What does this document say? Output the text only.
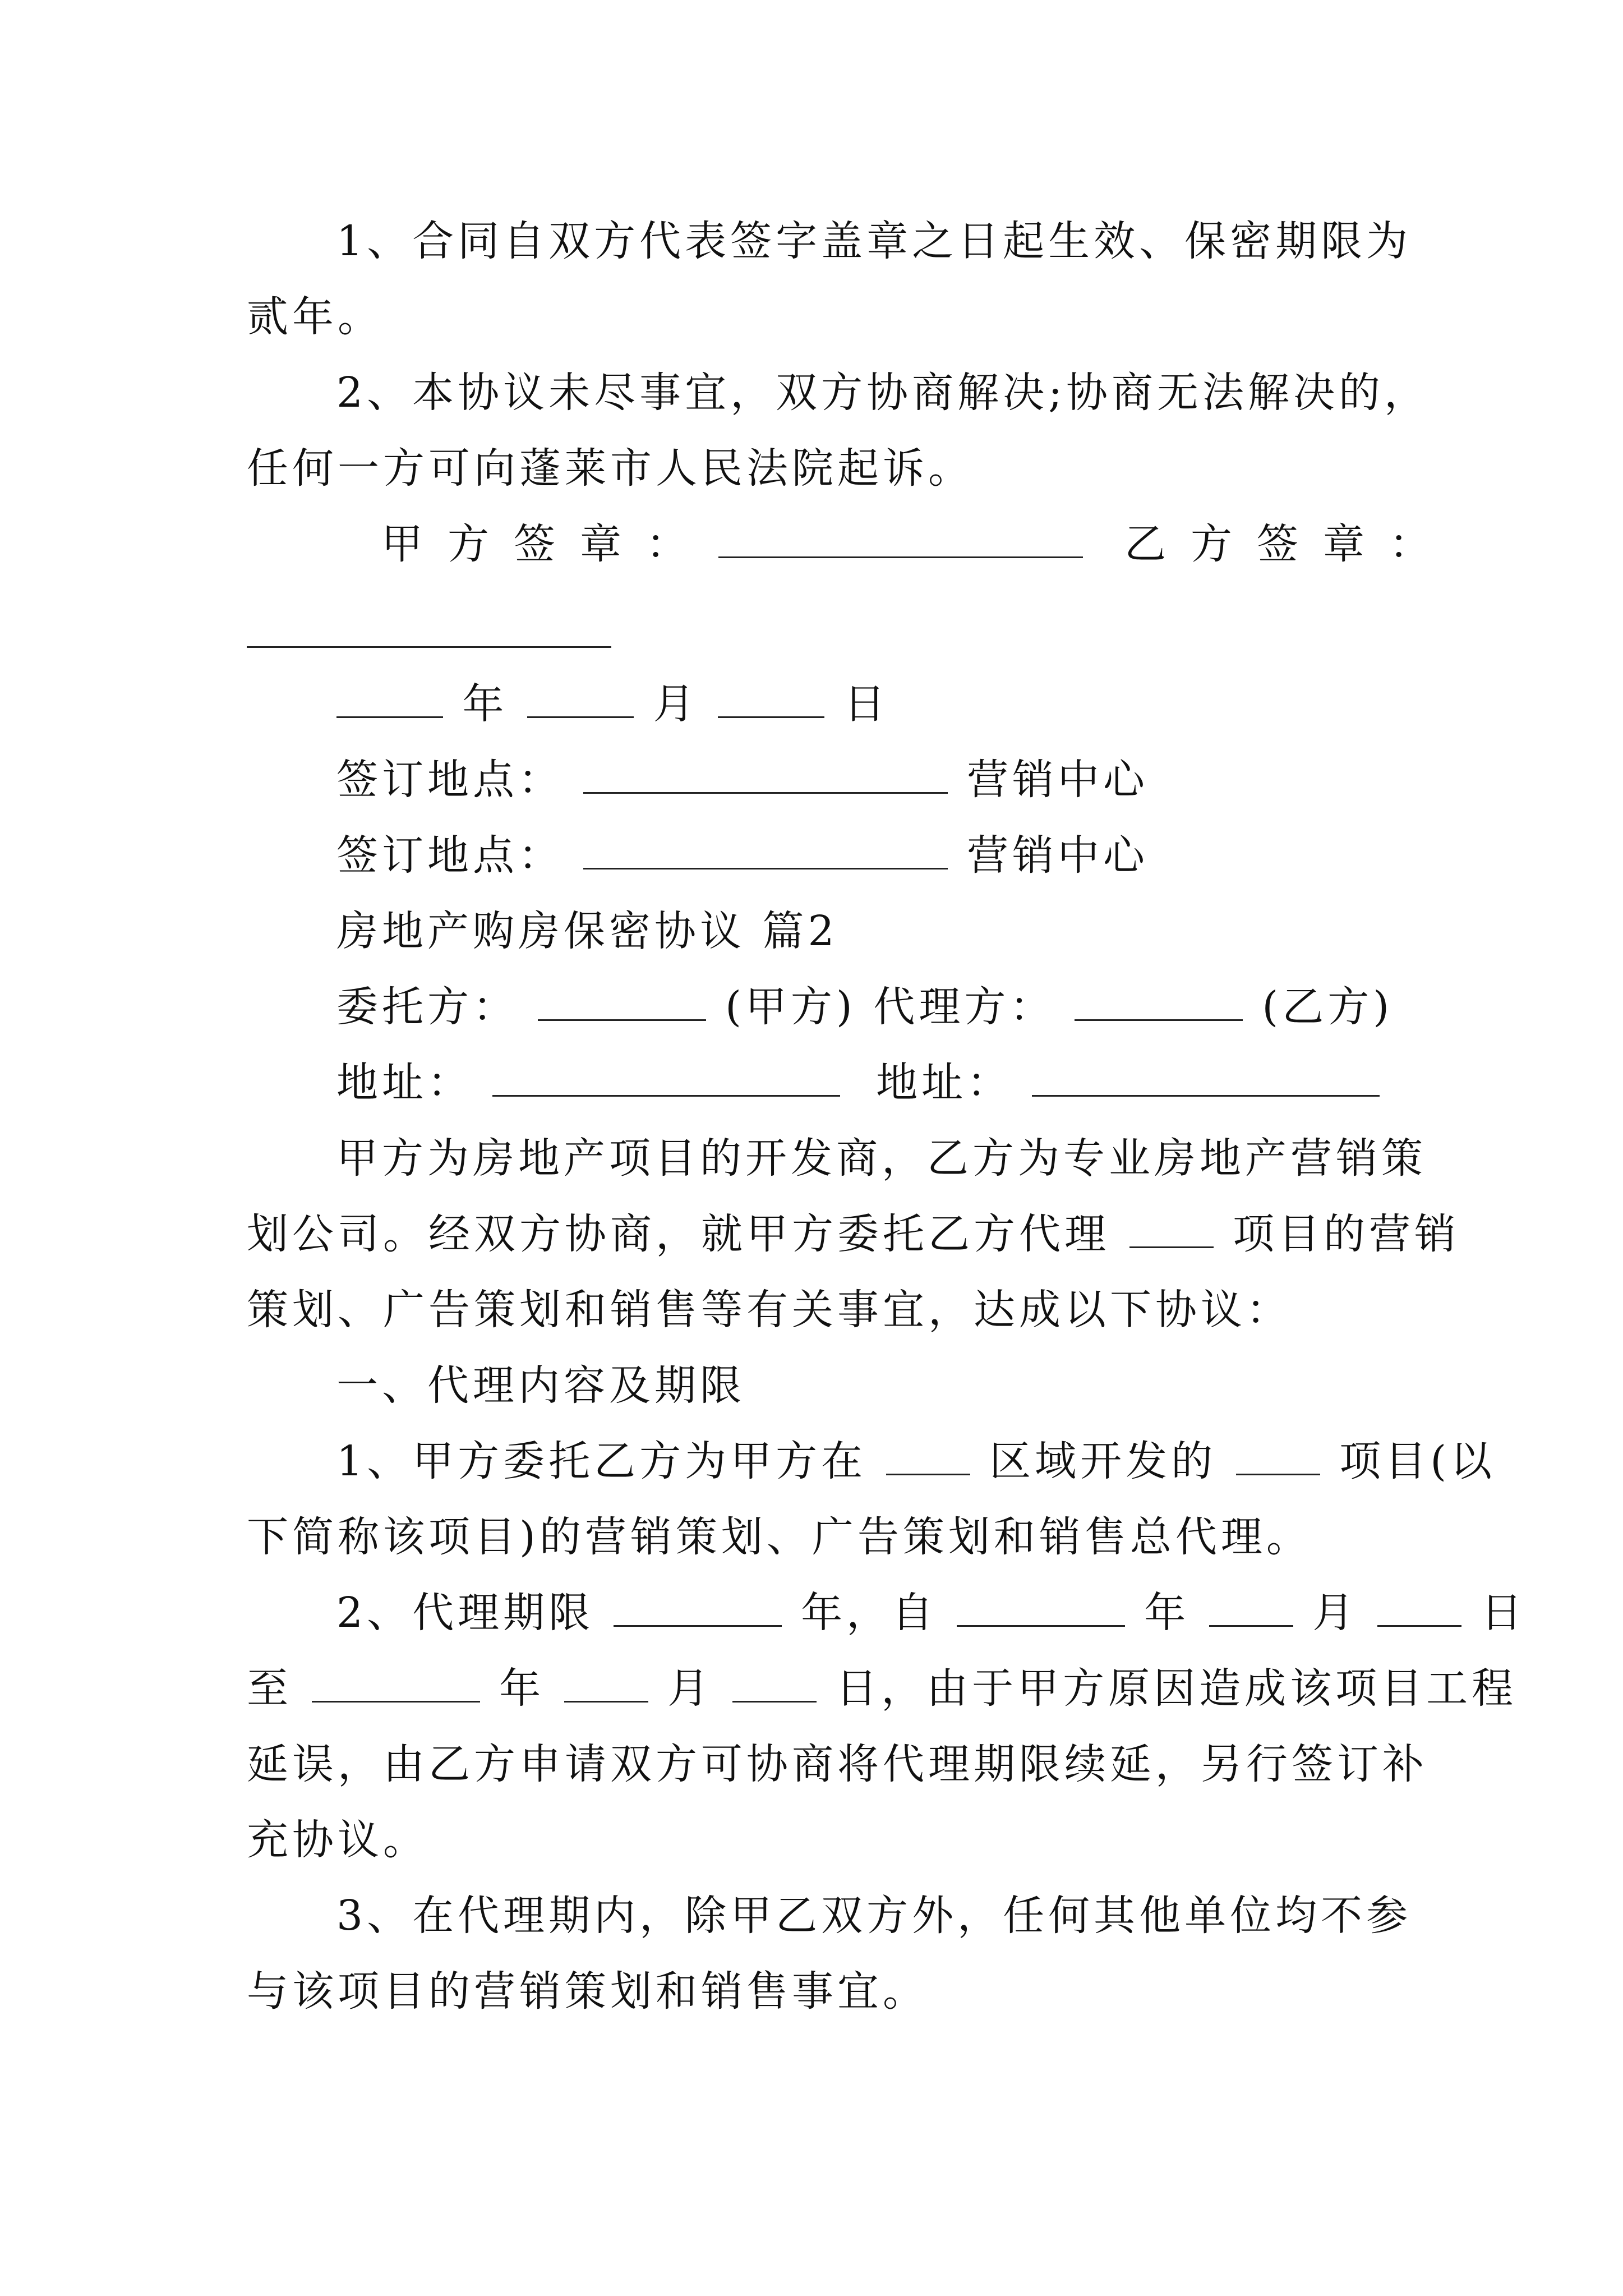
1、合同自双方代表签字盖章之日起生效、保密期限为
贰年。
2、本协议未尽事宜，双方协商解决;协商无法解决的，
任何一方可向蓬莱市人民法院起诉。
甲方签章：	乙方签章：
年	月	日
签订地点：	营销中心
签订地点：	营销中心
房地产购房保密协议 篇2
委托方：	(甲方) 代理方：	(乙方)
地址：	地址：
甲方为房地产项目的开发商，乙方为专业房地产营销策
划公司。经双方协商，就甲方委托乙方代理	项目的营销
策划、广告策划和销售等有关事宜，达成以下协议：
一、代理内容及期限
1、甲方委托乙方为甲方在	区域开发的	项目(以
下简称该项目)的营销策划、广告策划和销售总代理。
2、代理期限	年，自	年	月	日
至	年	月	日，由于甲方原因造成该项目工程
延误，由乙方申请双方可协商将代理期限续延，另行签订补
充协议。
3、在代理期内，除甲乙双方外，任何其他单位均不参
与该项目的营销策划和销售事宜。
